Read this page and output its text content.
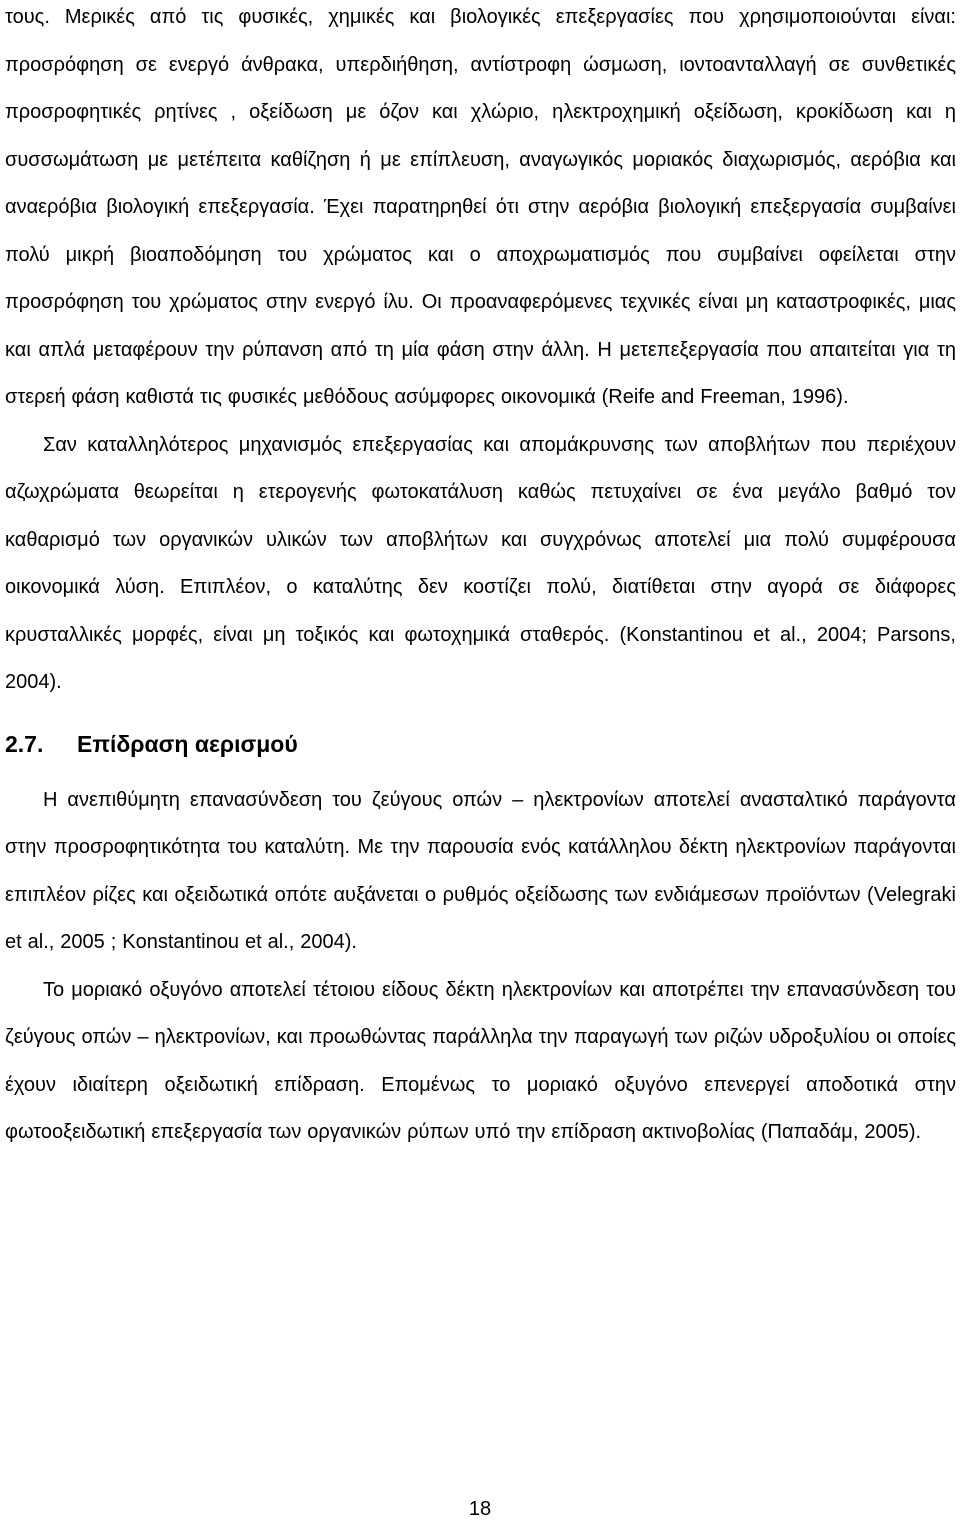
τους. Μερικές από τις φυσικές, χημικές και βιολογικές επεξεργασίες που χρησιμοποιούνται είναι: προσρόφηση σε ενεργό άνθρακα, υπερδιήθηση, αντίστροφη ώσμωση, ιοντοανταλλαγή σε συνθετικές προσροφητικές ρητίνες , οξείδωση με όζον και χλώριο, ηλεκτροχημική οξείδωση, κροκίδωση και η συσσωμάτωση με μετέπειτα καθίζηση ή με επίπλευση, αναγωγικός μοριακός διαχωρισμός, αερόβια και αναερόβια βιολογική επεξεργασία. Έχει παρατηρηθεί ότι στην αερόβια βιολογική επεξεργασία συμβαίνει πολύ μικρή βιοαποδόμηση του χρώματος και ο αποχρωματισμός που συμβαίνει οφείλεται στην προσρόφηση του χρώματος στην ενεργό ίλυ. Οι προαναφερόμενες τεχνικές είναι μη καταστροφικές, μιας και απλά μεταφέρουν την ρύπανση από τη μία φάση στην άλλη. Η μετεπεξεργασία που απαιτείται για τη στερεή φάση καθιστά τις φυσικές μεθόδους ασύμφορες οικονομικά (Reife and Freeman, 1996).

Σαν καταλληλότερος μηχανισμός επεξεργασίας και απομάκρυνσης των αποβλήτων που περιέχουν αζωχρώματα θεωρείται η ετερογενής φωτοκατάλυση καθώς πετυχαίνει σε ένα μεγάλο βαθμό τον καθαρισμό των οργανικών υλικών των αποβλήτων και συγχρόνως αποτελεί μια πολύ συμφέρουσα οικονομικά λύση. Επιπλέον, ο καταλύτης δεν κοστίζει πολύ, διατίθεται στην αγορά σε διάφορες κρυσταλλικές μορφές, είναι μη τοξικός και φωτοχημικά σταθερός. (Konstantinou et al., 2004; Parsons, 2004).

2.7.	Επίδραση αερισμού

Η ανεπιθύμητη επανασύνδεση του ζεύγους οπών – ηλεκτρονίων αποτελεί ανασταλτικό παράγοντα στην προσροφητικότητα του καταλύτη. Με την παρουσία ενός κατάλληλου δέκτη ηλεκτρονίων παράγονται επιπλέον ρίζες και οξειδωτικά οπότε αυξάνεται ο ρυθμός οξείδωσης των ενδιάμεσων προϊόντων (Velegraki et al., 2005 ; Konstantinou et al., 2004).

Το μοριακό οξυγόνο αποτελεί τέτοιου είδους δέκτη ηλεκτρονίων και αποτρέπει την επανασύνδεση του ζεύγους οπών – ηλεκτρονίων, και προωθώντας παράλληλα την παραγωγή των ριζών υδροξυλίου οι οποίες έχουν ιδιαίτερη οξειδωτική επίδραση. Επομένως το μοριακό οξυγόνο επενεργεί αποδοτικά στην φωτοοξειδωτική επεξεργασία των οργανικών ρύπων υπό την επίδραση ακτινοβολίας (Παπαδάμ, 2005).

18
